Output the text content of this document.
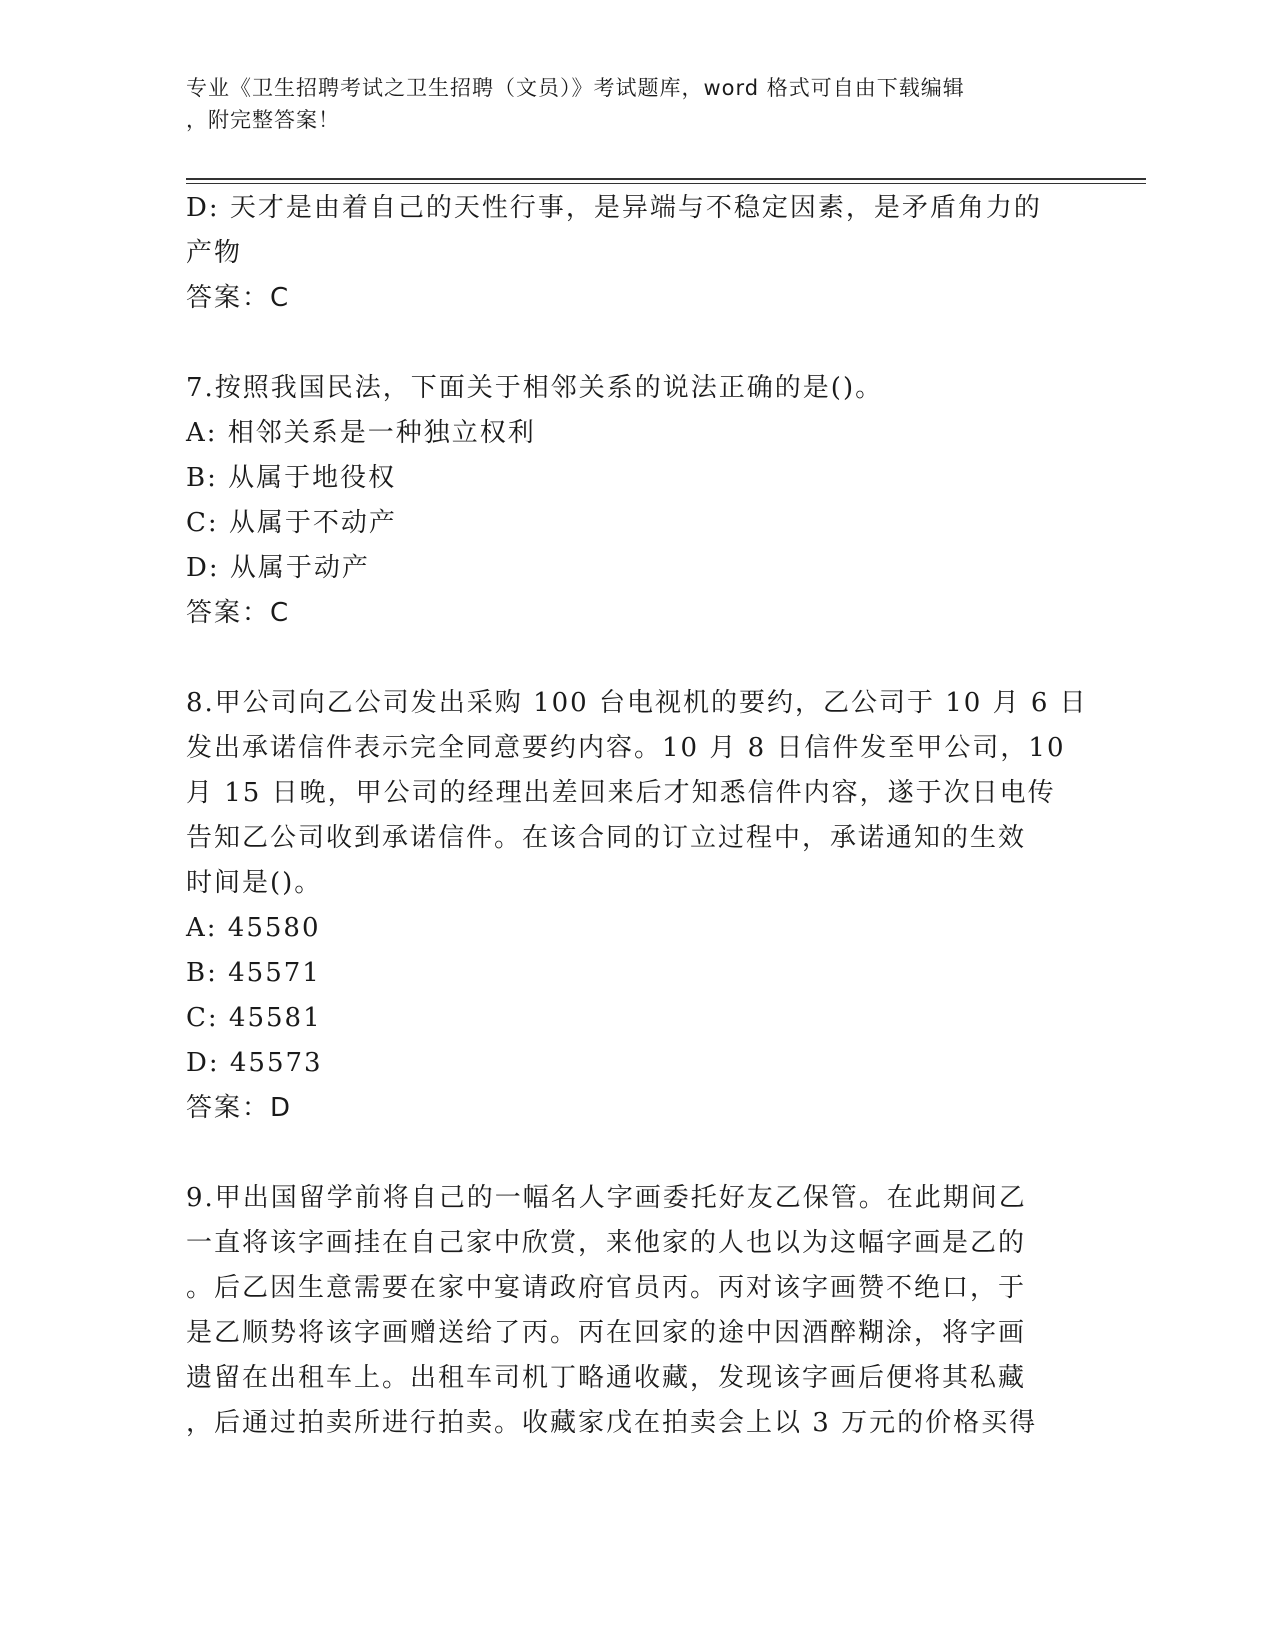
专业《卫生招聘考试之卫生招聘（文员）》考试题库，word 格式可自由下载编辑
，附完整答案！
D: 天才是由着自己的天性行事，是异端与不稳定因素，是矛盾角力的
产物
答案：C
7.按照我国民法，下面关于相邻关系的说法正确的是()。
A: 相邻关系是一种独立权利
B: 从属于地役权
C: 从属于不动产
D: 从属于动产
答案：C
8.甲公司向乙公司发出采购 100 台电视机的要约，乙公司于 10 月 6 日
发出承诺信件表示完全同意要约内容。10 月 8 日信件发至甲公司，10
月 15 日晚，甲公司的经理出差回来后才知悉信件内容，遂于次日电传
告知乙公司收到承诺信件。在该合同的订立过程中，承诺通知的生效
时间是()。
A: 45580
B: 45571
C: 45581
D: 45573
答案：D
9.甲出国留学前将自己的一幅名人字画委托好友乙保管。在此期间乙
一直将该字画挂在自己家中欣赏，来他家的人也以为这幅字画是乙的
。后乙因生意需要在家中宴请政府官员丙。丙对该字画赞不绝口，于
是乙顺势将该字画赠送给了丙。丙在回家的途中因酒醉糊涂，将字画
遗留在出租车上。出租车司机丁略通收藏，发现该字画后便将其私藏
，后通过拍卖所进行拍卖。收藏家戊在拍卖会上以 3 万元的价格买得
